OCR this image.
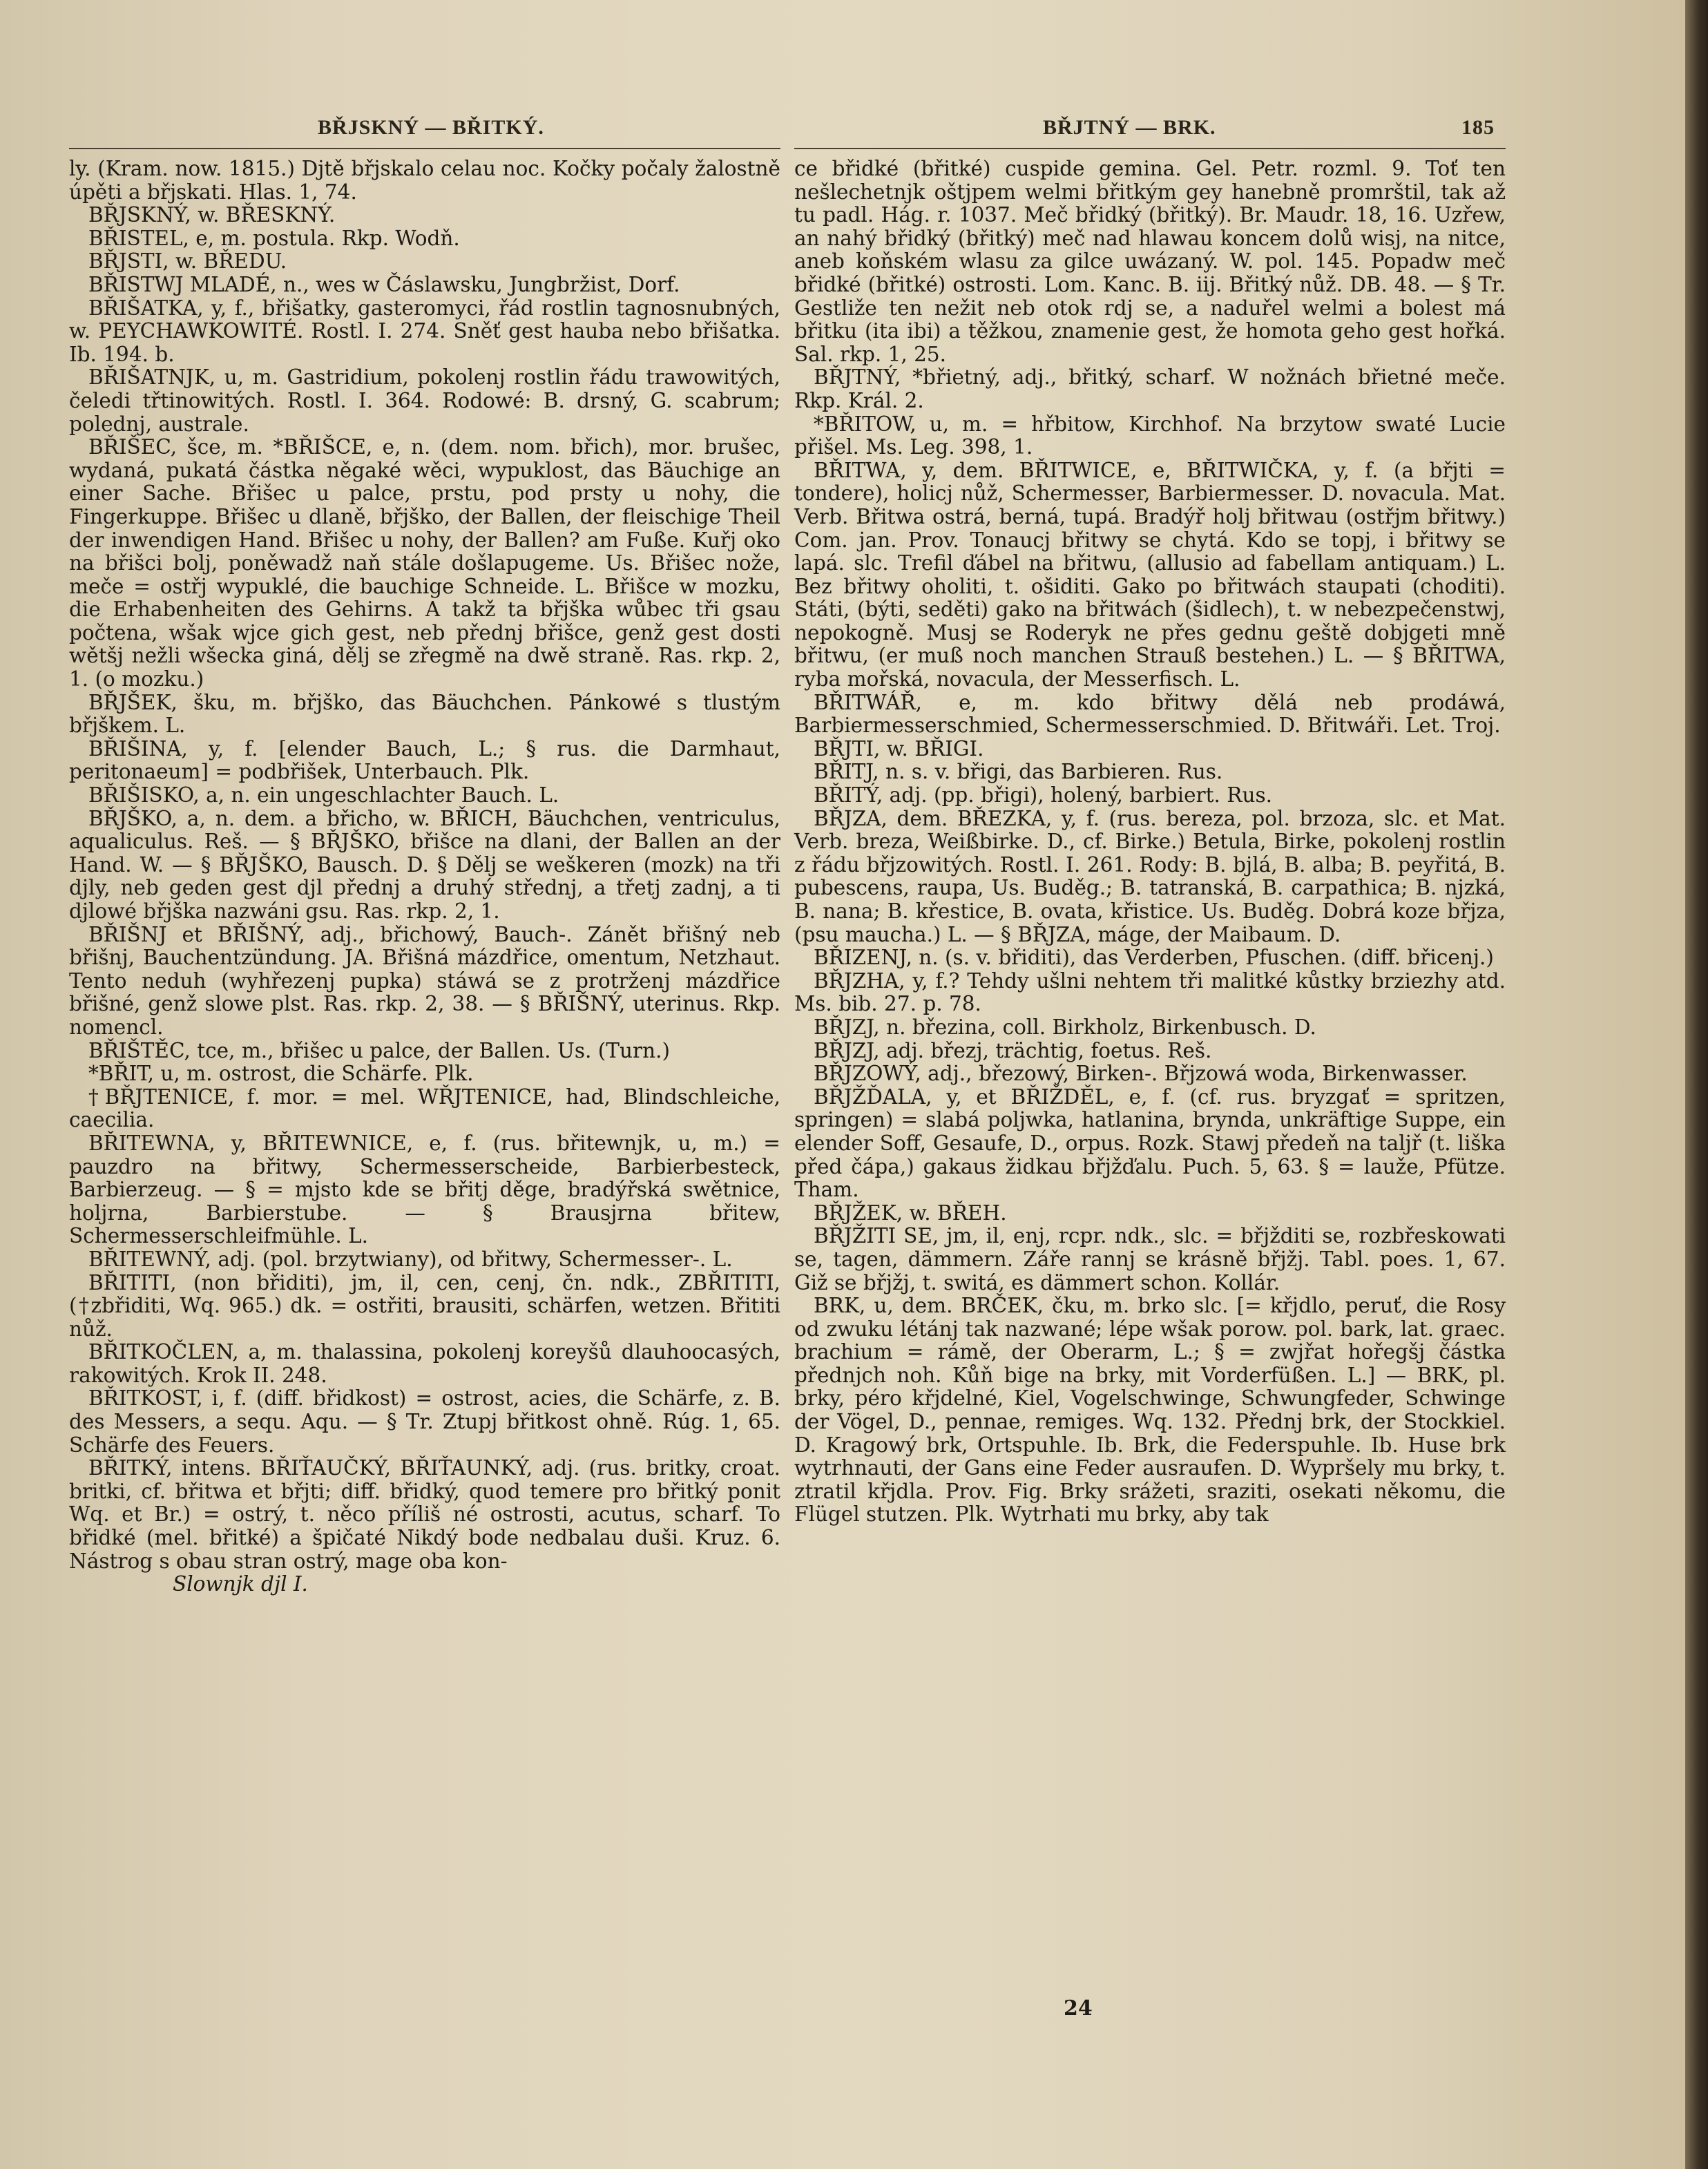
BŘJSKNÝ — BŘITKÝ.	BŘJTNÝ — BRK.	185

ly. (Kram. now. 1815.) Djtě břjskalo celau noc. Kočky počaly žalostně úpěti a břjskati. Hlas. 1, 74.

BŘJSKNÝ, w. BŘESKNÝ.

BŘISTEL, e, m. postula. Rkp. Wodň.

BŘJSTI, w. BŘEDU.

BŘISTWJ MLADÉ, n., wes w Čáslawsku, Jungbržist, Dorf.

BŘIŠATKA, y, f., břišatky, gasteromyci, řád rostlin tagnosnubných, w. PEYCHAWKOWITÉ. Rostl. I. 274. Sněť gest hauba nebo břišatka. Ib. 194. b.

BŘIŠATNJK, u, m. Gastridium, pokolenj rostlin řádu trawowitých, čeledi třtinowitých. Rostl. I. 364. Rodowé: B. drsný, G. scabrum; polednj, australe.

BŘIŠEC, šce, m. *BŘIŠCE, e, n. (dem. nom. břich), mor. brušec, wydaná, pukatá částka něgaké wěci, wypuklost, das Bäuchige an einer Sache. Břišec u palce, prstu, pod prsty u nohy, die Fingerkuppe. Břišec u dlaně, břjško, der Ballen, der fleischige Theil der inwendigen Hand. Břišec u nohy, der Ballen? am Fuße. Kuřj oko na břišci bolj, poněwadž naň stále došlapugeme. Us. Břišec nože, meče = ostřj wypuklé, die bauchige Schneide. L. Břišce w mozku, die Erhabenheiten des Gehirns. A takž ta břjška wůbec tři gsau počtena, wšak wjce gich gest, neb přednj břišce, genž gest dosti wětšj nežli wšecka giná, dělj se zřegmě na dwě straně. Ras. rkp. 2, 1. (o mozku.)

BŘJŠEK, šku, m. břjško, das Bäuchchen. Pánkowé s tlustým břjškem. L.

BŘIŠINA, y, f. [elender Bauch, L.; § rus. die Darmhaut, peritonaeum] = podbřišek, Unterbauch. Plk.

BŘIŠISKO, a, n. ein ungeschlachter Bauch. L.

BŘJŠKO, a, n. dem. a břicho, w. BŘICH, Bäuchchen, ventriculus, aqualiculus. Reš. — § BŘJŠKO, břišce na dlani, der Ballen an der Hand. W. — § BŘJŠKO, Bausch. D. § Dělj se weškeren (mozk) na tři djly, neb geden gest djl přednj a druhý střednj, a třetj zadnj, a ti djlowé břjška nazwáni gsu. Ras. rkp. 2, 1.

BŘIŠNJ et BŘIŠNÝ, adj., břichowý, Bauch-. Zánět břišný neb břišnj, Bauchentzündung. JA. Břišná mázdřice, omentum, Netzhaut. Tento neduh (wyhřezenj pupka) stáwá se z protrženj mázdřice břišné, genž slowe plst. Ras. rkp. 2, 38. — § BŘIŠNÝ, uterinus. Rkp. nomencl.

BŘIŠTĚC, tce, m., břišec u palce, der Ballen. Us. (Turn.)

*BŘIT, u, m. ostrost, die Schärfe. Plk.

†BŘJTENICE, f. mor. = mel. WŘJTENICE, had, Blindschleiche, caecilia.

BŘITEWNA, y, BŘITEWNICE, e, f. (rus. břitewnjk, u, m.) = pauzdro na břitwy, Schermesserscheide, Barbierbesteck, Barbierzeug. — § = mjsto kde se břitj děge, bradýřská swětnice, holjrna, Barbierstube. — § Brausjrna břitew, Schermesserschleifmühle. L.

BŘITEWNÝ, adj. (pol. brzytwiany), od břitwy, Schermesser-. L.

BŘITITI, (non břiditi), jm, il, cen, cenj, čn. ndk., ZBŘITITI, (†zbřiditi, Wq. 965.) dk. = ostřiti, brausiti, schärfen, wetzen. Břititi nůž.

BŘITKOČLEN, a, m. thalassina, pokolenj koreyšů dlauhoocasých, rakowitých. Krok II. 248.

BŘITKOST, i, f. (diff. břidkost) = ostrost, acies, die Schärfe, z. B. des Messers, a sequ. Aqu. — § Tr. Ztupj břitkost ohně. Rúg. 1, 65. Schärfe des Feuers.

BŘITKÝ, intens. BŘIŤAUČKÝ, BŘIŤAUNKÝ, adj. (rus. britky, croat. britki, cf. břitwa et břjti; diff. břidký, quod temere pro břitký ponit Wq. et Br.) = ostrý, t. něco příliš né ostrosti, acutus, scharf. To břidké (mel. břitké) a špičaté Nikdý bode nedbalau duši. Kruz. 6. Nástrog s obau stran ostrý, mage oba kon-

Slownjk djl I.

ce břidké (břitké) cuspide gemina. Gel. Petr. rozml. 9. Toť ten nešlechetnjk oštjpem welmi břitkým gey hanebně promrštil, tak až tu padl. Hág. r. 1037. Meč břidký (břitký). Br. Maudr. 18, 16. Uzřew, an nahý břidký (břitký) meč nad hlawau koncem dolů wisj, na nitce, aneb koňském wlasu za gilce uwázaný. W. pol. 145. Popadw meč břidké (břitké) ostrosti. Lom. Kanc. B. iij. Břitký nůž. DB. 48. — § Tr. Gestliže ten nežit neb otok rdj se, a naduřel welmi a bolest má břitku (ita ibi) a těžkou, znamenie gest, že homota geho gest hořká. Sal. rkp. 1, 25.

BŘJTNÝ, *břietný, adj., břitký, scharf. W nožnách břietné meče. Rkp. Král. 2.

*BŘITOW, u, m. = hřbitow, Kirchhof. Na brzytow swaté Lucie přišel. Ms. Leg. 398, 1.

BŘITWA, y, dem. BŘITWICE, e, BŘITWIČKA, y, f. (a břjti = tondere), holicj nůž, Schermesser, Barbiermesser. D. novacula. Mat. Verb. Břitwa ostrá, berná, tupá. Bradýř holj břitwau (ostřjm břitwy.) Com. jan. Prov. Tonaucj břitwy se chytá. Kdo se topj, i břitwy se lapá. slc. Trefil ďábel na břitwu, (allusio ad fabellam antiquam.) L. Bez břitwy oholiti, t. ošiditi. Gako po břitwách staupati (choditi). Státi, (býti, seděti) gako na břitwách (šidlech), t. w nebezpečenstwj, nepokogně. Musj se Roderyk ne přes gednu geště dobjgeti mně břitwu, (er muß noch manchen Strauß bestehen.) L. — § BŘITWA, ryba mořská, novacula, der Messerfisch. L.

BŘITWÁŘ, e, m. kdo břitwy dělá neb prodáwá, Barbiermesserschmied, Schermesserschmied. D. Břitwáři. Let. Troj.

BŘJTI, w. BŘIGI.

BŘITJ, n. s. v. břigi, das Barbieren. Rus.

BŘITÝ, adj. (pp. břigi), holený, barbiert. Rus.

BŘJZA, dem. BŘEZKA, y, f. (rus. bereza, pol. brzoza, slc. et Mat. Verb. breza, Weißbirke. D., cf. Birke.) Betula, Birke, pokolenj rostlin z řádu břjzowitých. Rostl. I. 261. Rody: B. bjlá, B. alba; B. peyřitá, B. pubescens, raupa, Us. Buděg.; B. tatranská, B. carpathica; B. njzká, B. nana; B. křestice, B. ovata, křistice. Us. Buděg. Dobrá koze břjza, (psu maucha.) L. — § BŘJZA, máge, der Maibaum. D.

BŘIZENJ, n. (s. v. břiditi), das Verderben, Pfuschen. (diff. břicenj.)

BŘJZHA, y, f.? Tehdy ušlni nehtem tři malitké kůstky brziezhy atd. Ms. bib. 27. p. 78.

BŘJZJ, n. březina, coll. Birkholz, Birkenbusch. D.

BŘJZJ, adj. březj, trächtig, foetus. Reš.

BŘJZOWÝ, adj., březowý, Birken-. Břjzowá woda, Birkenwasser.

BŘJŽĎALA, y, et BŘIŽDĚL, e, f. (cf. rus. bryzgať = spritzen, springen) = slabá poljwka, hatlanina, brynda, unkräftige Suppe, ein elender Soff, Gesaufe, D., orpus. Rozk. Stawj předeň na taljř (t. liška před čápa,) gakaus židkau břjžďalu. Puch. 5, 63. § = lauže, Pfütze. Tham.

BŘJŽEK, w. BŘEH.

BŘJŽITI SE, jm, il, enj, rcpr. ndk., slc. = břjžditi se, rozbřeskowati se, tagen, dämmern. Záře rannj se krásně břjžj. Tabl. poes. 1, 67. Giž se břjžj, t. switá, es dämmert schon. Kollár.

BRK, u, dem. BRČEK, čku, m. brko slc. [= křjdlo, peruť, die Rosy od zwuku létánj tak nazwané; lépe wšak porow. pol. bark, lat. graec. brachium = rámě, der Oberarm, L.; § = zwjřat hořegšj částka přednjch noh. Kůň bige na brky, mit Vorderfüßen. L.] — BRK, pl. brky, péro křjdelné, Kiel, Vogelschwinge, Schwungfeder, Schwinge der Vögel, D., pennae, remiges. Wq. 132. Přednj brk, der Stockkiel. D. Kragowý brk, Ortspuhle. Ib. Brk, die Federspuhle. Ib. Huse brk wytrhnauti, der Gans eine Feder ausraufen. D. Wypršely mu brky, t. ztratil křjdla. Prov. Fig. Brky srážeti, sraziti, osekati někomu, die Flügel stutzen. Plk. Wytrhati mu brky, aby tak

24
